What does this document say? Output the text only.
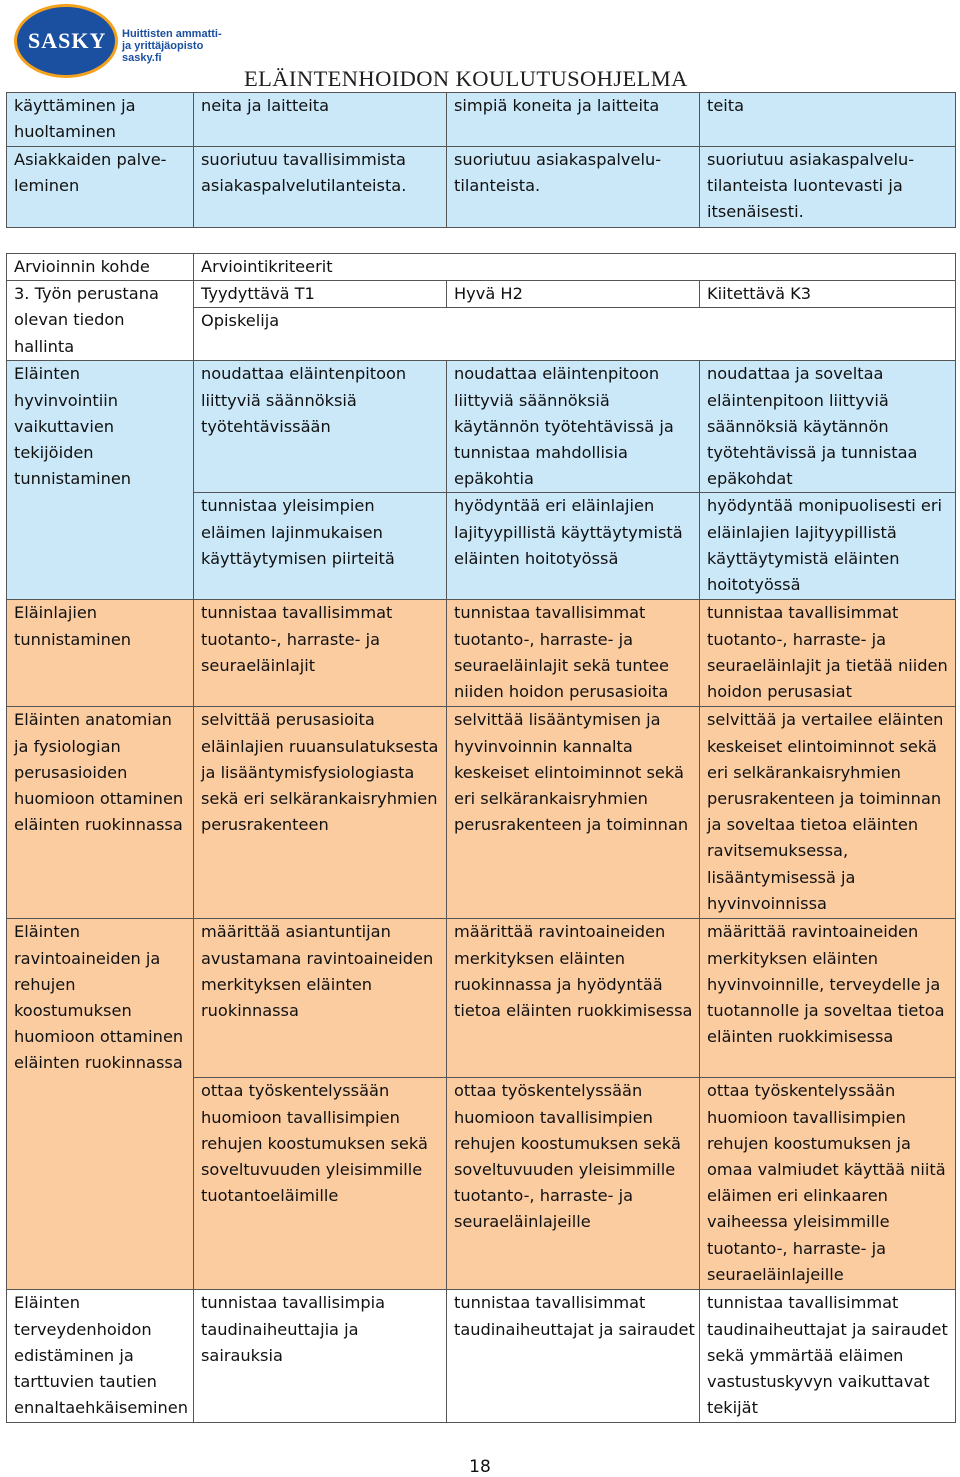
SASKY Huittisten ammatti-
ja yrittäjäopisto
sasky.fi
ELÄINTENHOIDON KOULUTUSOHJELMA
käyttäminen ja huoltaminen	neita ja laitteita	simpiä koneita ja laitteita	teita
Asiakkaiden palve-leminen	suoriutuu tavallisimmista asiakaspalvelutilanteista.	suoriutuu asiakaspalvelu-tilanteista.	suoriutuu asiakaspalvelu-tilanteista luontevasti ja itsenäisesti.
Arvioinnin kohde	Arviointikriteerit		
3. Työn perustana olevan tiedon hallinta	Tyydyttävä T1	Hyvä H2	Kiitettävä K3
	Opiskelija		
Eläinten hyvinvointiin vaikuttavien tekijöiden tunnistaminen	noudattaa eläintenpitoon liittyviä säännöksiä työtehtävissään	noudattaa eläintenpitoon liittyviä säännöksiä käytännön työtehtävissä ja tunnistaa mahdollisia epäkohtia	noudattaa ja soveltaa eläintenpitoon liittyviä säännöksiä käytännön työtehtävissä ja tunnistaa epäkohdat
	tunnistaa yleisimpien eläimen lajinmukaisen käyttäytymisen piirteitä	hyödyntää eri eläinlajien lajityypillistä käyttäytymistä eläinten hoitotyössä	hyödyntää monipuolisesti eri eläinlajien lajityypillistä käyttäytymistä eläinten hoitotyössä
Eläinlajien tunnistaminen	tunnistaa tavallisimmat tuotanto-, harraste- ja seuraeläinlajit	tunnistaa tavallisimmat tuotanto-, harraste- ja seuraeläinlajit sekä tuntee niiden hoidon perusasioita	tunnistaa tavallisimmat tuotanto-, harraste- ja seuraeläinlajit ja tietää niiden hoidon perusasiat
Eläinten anatomian ja fysiologian perusasioiden huomioon ottaminen eläinten ruokinnassa	selvittää perusasioita eläinlajien ruuansulatuksesta ja lisääntymisfysiologiasta sekä eri selkärankaisryhmien perusrakenteen	selvittää lisääntymisen ja hyvinvoinnin kannalta keskeiset elintoiminnot sekä eri selkärankaisryhmien perusrakenteen ja toiminnan	selvittää ja vertailee eläinten keskeiset elintoiminnot sekä eri selkärankaisryhmien perusrakenteen ja toiminnan ja soveltaa tietoa eläinten ravitsemuksessa, lisääntymisessä ja hyvinvoinnissa
Eläinten ravintoaineiden ja rehujen koostumuksen huomioon ottaminen eläinten ruokinnassa	määrittää asiantuntijan avustamana ravintoaineiden merkityksen eläinten ruokinnassa	määrittää ravintoaineiden merkityksen eläinten ruokinnassa ja hyödyntää tietoa eläinten ruokkimisessa	määrittää ravintoaineiden merkityksen eläinten hyvinvoinnille, terveydelle ja tuotannolle ja soveltaa tietoa eläinten ruokkimisessa
	ottaa työskentelyssään huomioon tavallisimpien rehujen koostumuksen sekä soveltuvuuden yleisimmille tuotantoeläimille	ottaa työskentelyssään huomioon tavallisimpien rehujen koostumuksen sekä soveltuvuuden yleisimmille tuotanto-, harraste- ja seuraeläinlajeille	ottaa työskentelyssään huomioon tavallisimpien rehujen koostumuksen ja omaa valmiudet käyttää niitä eläimen eri elinkaaren vaiheessa yleisimmille tuotanto-, harraste- ja seuraeläinlajeille
Eläinten terveydenhoidon edistäminen ja tarttuvien tautien ennaltaehkäiseminen	tunnistaa tavallisimpia taudinaiheuttajia ja sairauksia	tunnistaa tavallisimmat taudinaiheuttajat ja sairaudet	tunnistaa tavallisimmat taudinaiheuttajat ja sairaudet sekä ymmärtää eläimen vastustuskyvyn vaikuttavat tekijät
18
